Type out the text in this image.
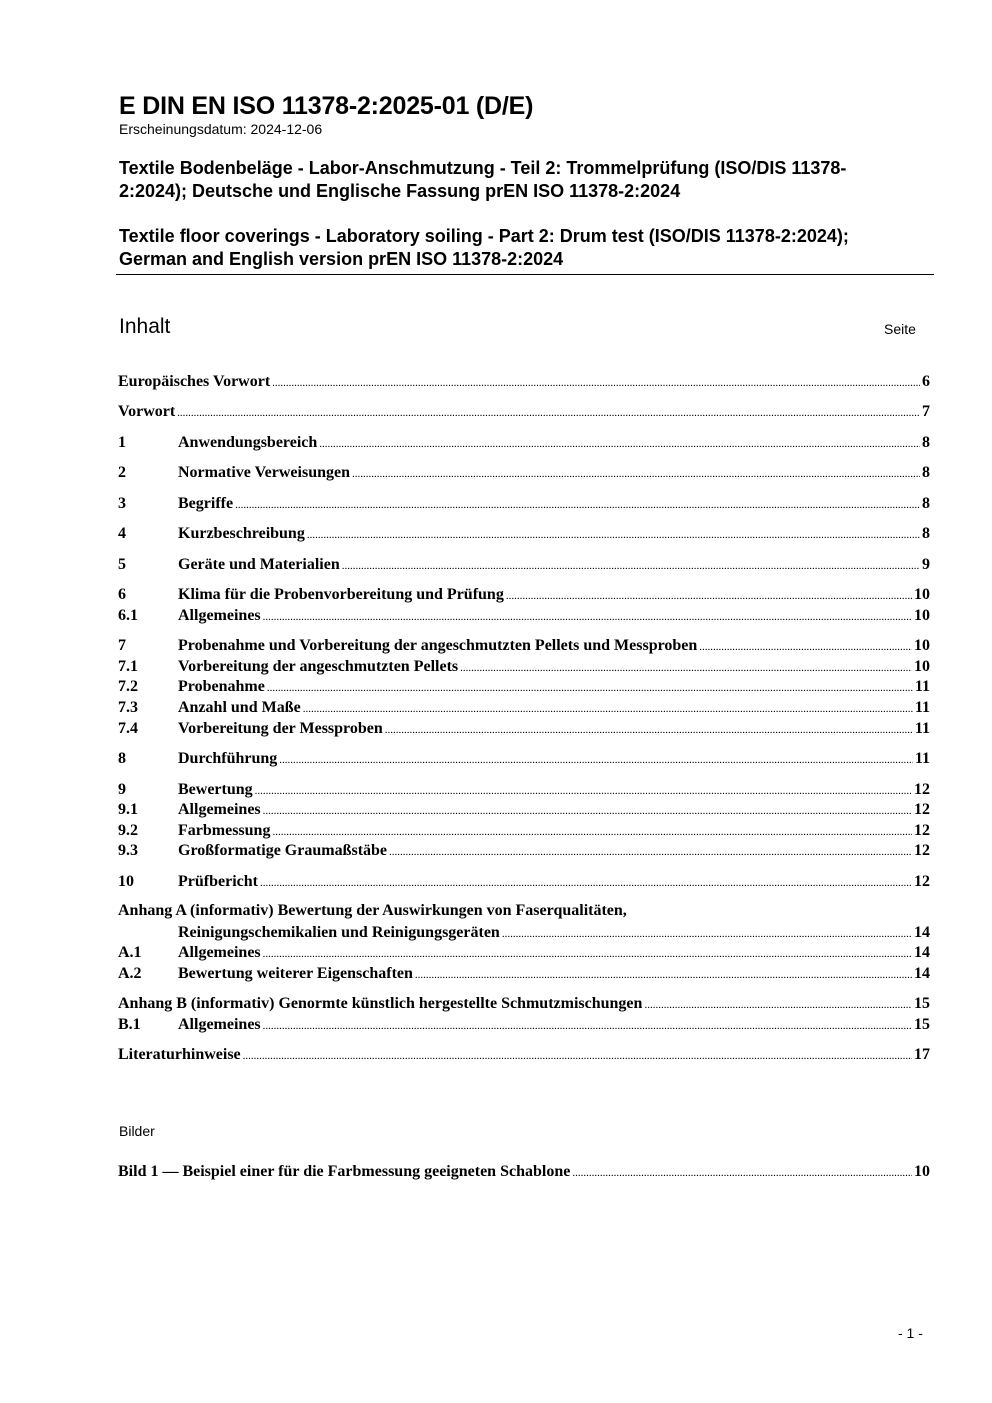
E DIN EN ISO 11378-2:2025-01 (D/E)
Erscheinungsdatum: 2024-12-06
Textile Bodenbeläge - Labor-Anschmutzung - Teil 2: Trommelprüfung (ISO/DIS 11378-2:2024); Deutsche und Englische Fassung prEN ISO 11378-2:2024
Textile floor coverings - Laboratory soiling - Part 2: Drum test (ISO/DIS 11378-2:2024); German and English version prEN ISO 11378-2:2024
Inhalt	Seite
Europäisches Vorwort .....	6
Vorwort .....	7
1	Anwendungsbereich .....	8
2	Normative Verweisungen .....	8
3	Begriffe .....	8
4	Kurzbeschreibung .....	8
5	Geräte und Materialien .....	9
6	Klima für die Probenvorbereitung und Prüfung .....	10
6.1	Allgemeines .....	10
7	Probenahme und Vorbereitung der angeschmutzten Pellets und Messproben .....	10
7.1	Vorbereitung der angeschmutzten Pellets .....	10
7.2	Probenahme .....	11
7.3	Anzahl und Maße .....	11
7.4	Vorbereitung der Messproben .....	11
8	Durchführung .....	11
9	Bewertung .....	12
9.1	Allgemeines .....	12
9.2	Farbmessung .....	12
9.3	Großformatige Graumaßstäbe .....	12
10	Prüfbericht .....	12
Anhang A (informativ) Bewertung der Auswirkungen von Faserqualitäten,
Reinigungschemikalien und Reinigungsgeräten .....	14
A.1	Allgemeines .....	14
A.2	Bewertung weiterer Eigenschaften .....	14
Anhang B (informativ) Genormte künstlich hergestellte Schmutzmischungen .....	15
B.1	Allgemeines .....	15
Literaturhinweise .....	17
Bilder
Bild 1 — Beispiel einer für die Farbmessung geeigneten Schablone .....	10
- 1 -
